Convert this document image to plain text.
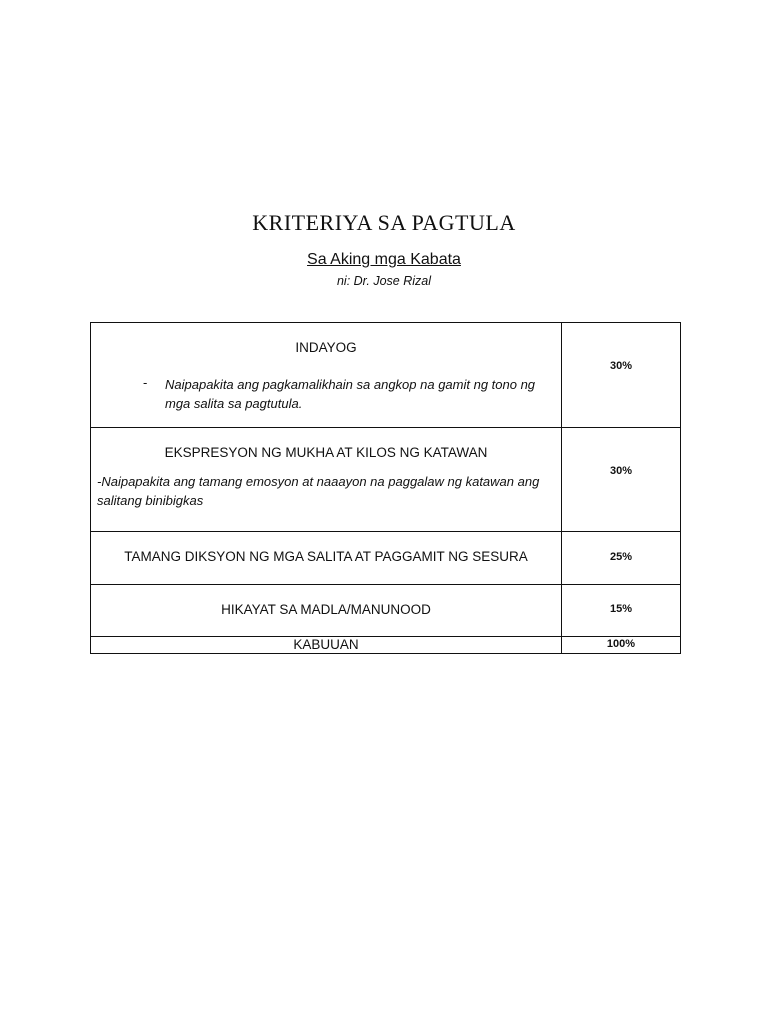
KRITERIYA SA PAGTULA
Sa Aking mga Kabata
ni: Dr. Jose Rizal
INDAYOG
- Naipapakita ang pagkamalikhain sa angkop na gamit ng tono ng mga salita sa pagtutula.	30%

EKSPRESYON NG MUKHA AT KILOS NG KATAWAN
-Naipapakita ang tamang emosyon at naaayon na paggalaw ng katawan ang salitang binibigkas	30%

TAMANG DIKSYON NG MGA SALITA AT PAGGAMIT NG SESURA	25%

HIKAYAT SA MADLA/MANUNOOD	15%

KABUUAN	100%
